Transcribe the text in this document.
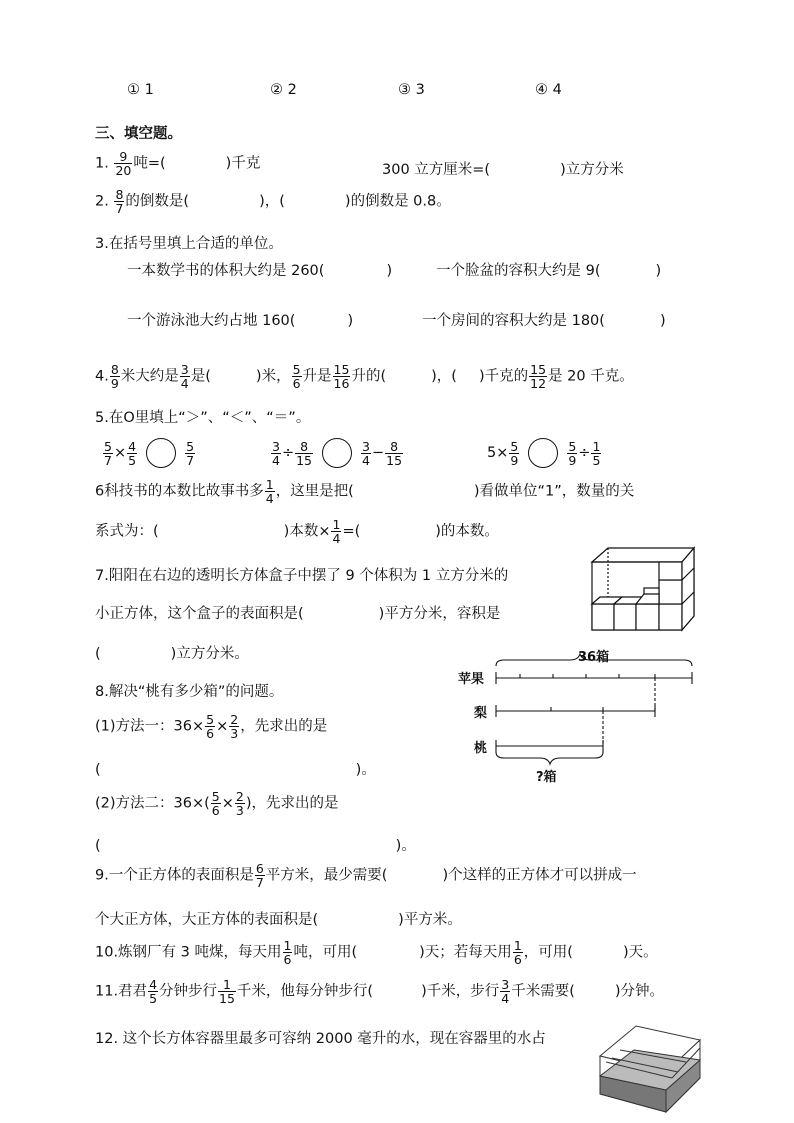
① 1	② 2	③ 3	④ 4
三、填空题。
1. $\frac{9}{20}$ 吨=(	)千克	300 立方厘米=(	)立方分米
2. $\frac{8}{7}$ 的倒数是(	)，(	)的倒数是 0.8。
3.在括号里填上合适的单位。
一本数学书的体积大约是 260(	)	一个脸盆的容积大约是 9(	)
一个游泳池大约占地 160(	)	一个房间的容积大约是 180(	)
4. $\frac{8}{9}$ 米大约是 $\frac{3}{4}$ 是(	)米， $\frac{5}{6}$ 升是 $\frac{15}{16}$ 升的(	)，( )千克的 $\frac{15}{12}$ 是 20 千克。
5.在O里填上“＞”、“＜”、“＝”。
$\frac{5}{7} \times \frac{4}{5}$	$\frac{5}{7}$	$\frac{3}{4} \div \frac{8}{15}$	$\frac{3}{4} - \frac{8}{15}$	$5\times \frac{5}{9}$	$\frac{5}{9} \div \frac{1}{5}$
6科技书的本数比故事书多 $\frac{1}{4}$ ，这里是把(	)看做单位“1”，数量的关
系式为：(	)本数× $\frac{1}{4}$ =(	)的本数。
7.阳阳在右边的透明长方体盒子中摆了 9 个体积为 1 立方分米的
小正方体，这个盒子的表面积是(	)平方分米，容积是
(	)立方分米。
8.解决“桃有多少箱”的问题。
(1)方法一：$36\times \frac{5}{6} \times \frac{2}{3}$ ，先求出的是
(	)。
(2)方法二：$36\times( \frac{5}{6} \times \frac{2}{3}$ )，先求出的是
(	)。
36箱
苹果
梨
桃
?箱
9.一个正方体的表面积是 $\frac{6}{7}$ 平方米，最少需要(	)个这样的正方体才可以拼成一
个大正方体，大正方体的表面积是(	)平方米。
10.炼钢厂有 3 吨煤，每天用 $\frac{1}{6}$ 吨，可用(	)天；若每天用 $\frac{1}{6}$ ，可用(	)天。
11.君君 $\frac{4}{5}$ 分钟步行 $\frac{1}{15}$ 千米，他每分钟步行(	)千米，步行 $\frac{3}{4}$ 千米需要(	)分钟。
12. 这个长方体容器里最多可容纳 2000 毫升的水，现在容器里的水占
